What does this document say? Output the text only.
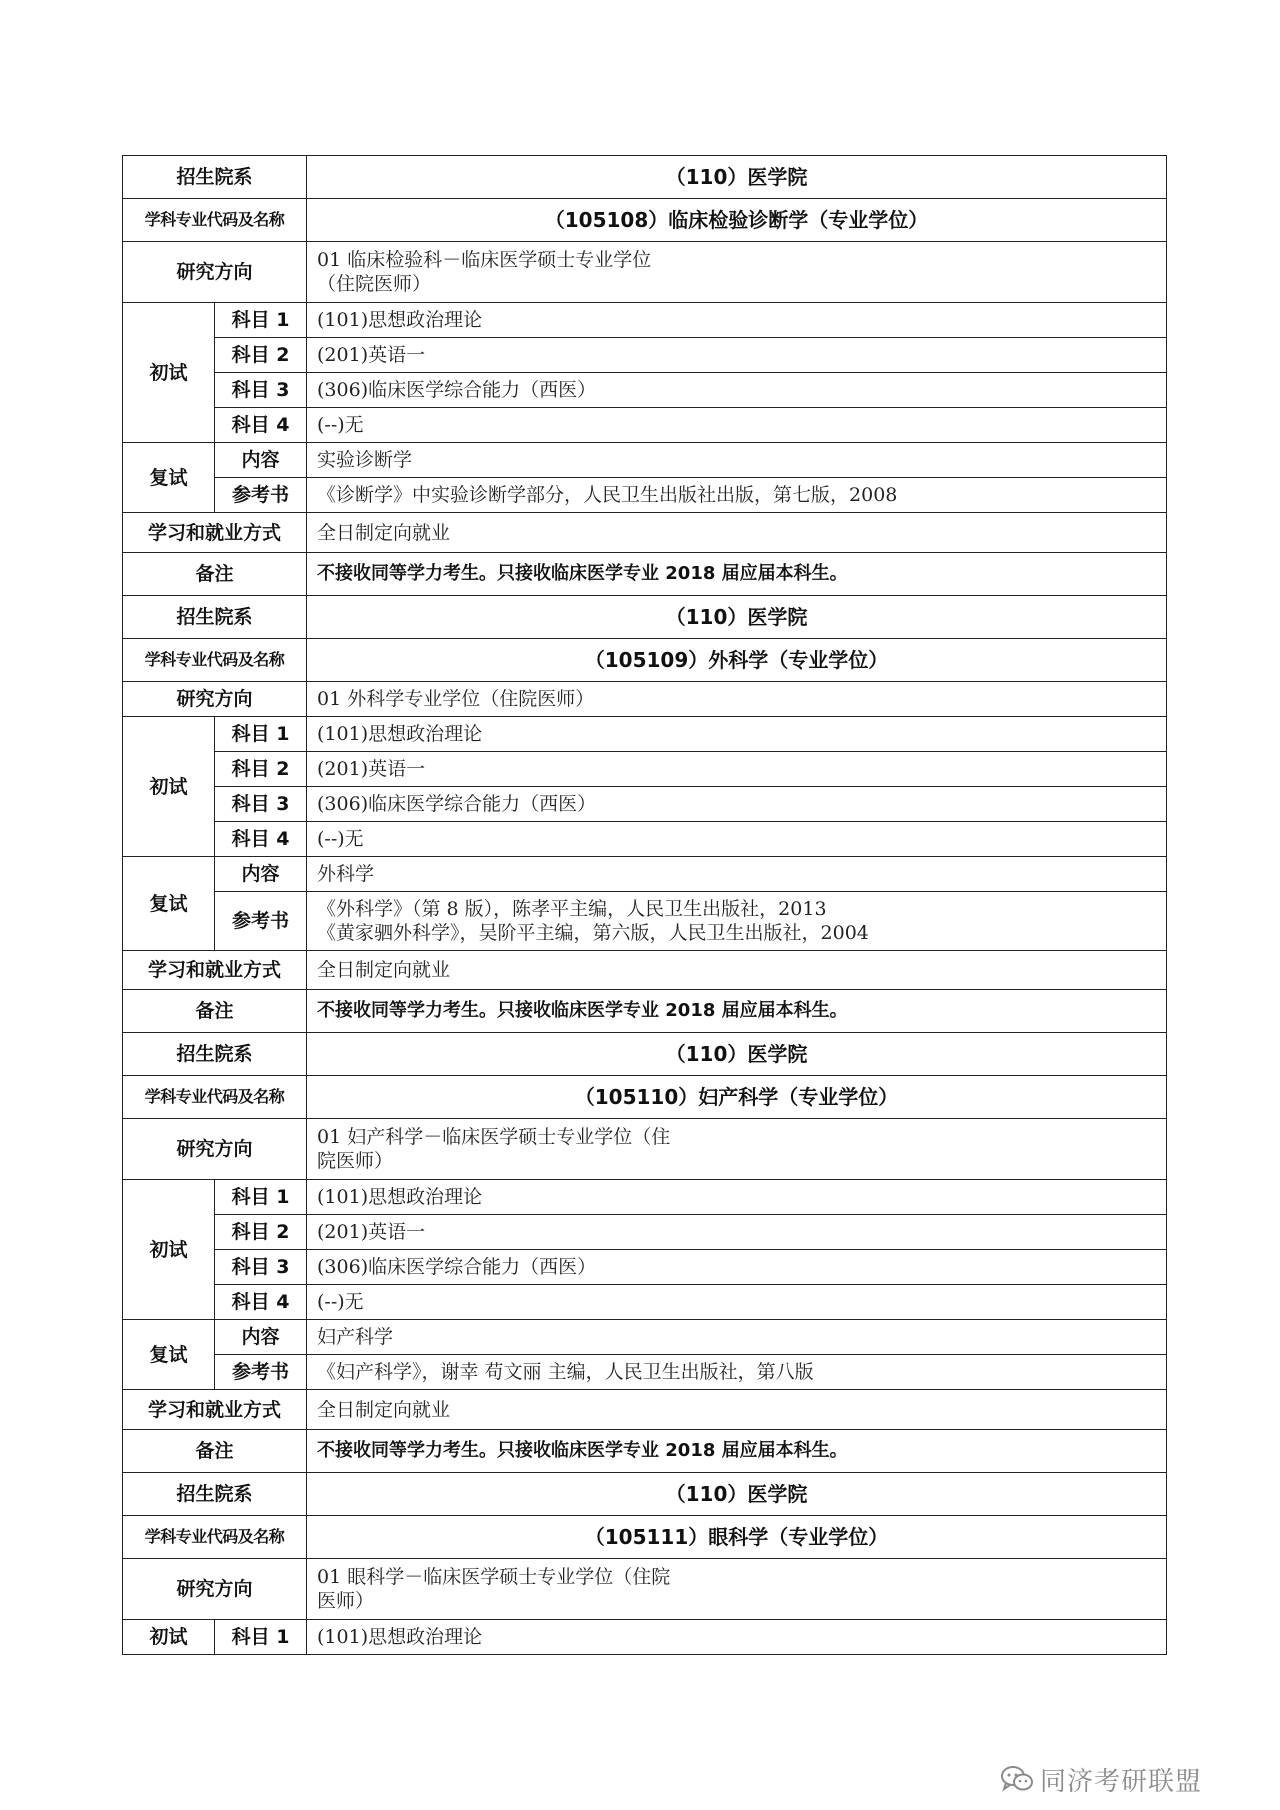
招生院系		（110）医学院
学科专业代码及名称		（105108）临床检验诊断学（专业学位）
研究方向		01 临床检验科－临床医学硕士专业学位
（住院医师）
初试	科目 1	(101)思想政治理论
	科目 2	(201)英语一
	科目 3	(306)临床医学综合能力（西医）
	科目 4	(--)无
复试	内容	实验诊断学
	参考书	《诊断学》中实验诊断学部分，人民卫生出版社出版，第七版，2008
学习和就业方式		全日制定向就业
备注		不接收同等学力考生。只接收临床医学专业 2018 届应届本科生。
招生院系		（110）医学院
学科专业代码及名称		（105109）外科学（专业学位）
研究方向		01 外科学专业学位（住院医师）
初试	科目 1	(101)思想政治理论
	科目 2	(201)英语一
	科目 3	(306)临床医学综合能力（西医）
	科目 4	(--)无
复试	内容	外科学
	参考书	《外科学》（第 8 版），陈孝平主编，人民卫生出版社，2013
《黄家驷外科学》，吴阶平主编，第六版，人民卫生出版社，2004
学习和就业方式		全日制定向就业
备注		不接收同等学力考生。只接收临床医学专业 2018 届应届本科生。
招生院系		（110）医学院
学科专业代码及名称		（105110）妇产科学（专业学位）
研究方向		01 妇产科学－临床医学硕士专业学位（住
院医师）
初试	科目 1	(101)思想政治理论
	科目 2	(201)英语一
	科目 3	(306)临床医学综合能力（西医）
	科目 4	(--)无
复试	内容	妇产科学
	参考书	《妇产科学》，谢幸 苟文丽 主编，人民卫生出版社，第八版
学习和就业方式		全日制定向就业
备注		不接收同等学力考生。只接收临床医学专业 2018 届应届本科生。
招生院系		（110）医学院
学科专业代码及名称		（105111）眼科学（专业学位）
研究方向		01 眼科学－临床医学硕士专业学位（住院
医师）
初试	科目 1	(101)思想政治理论
同济考研联盟
